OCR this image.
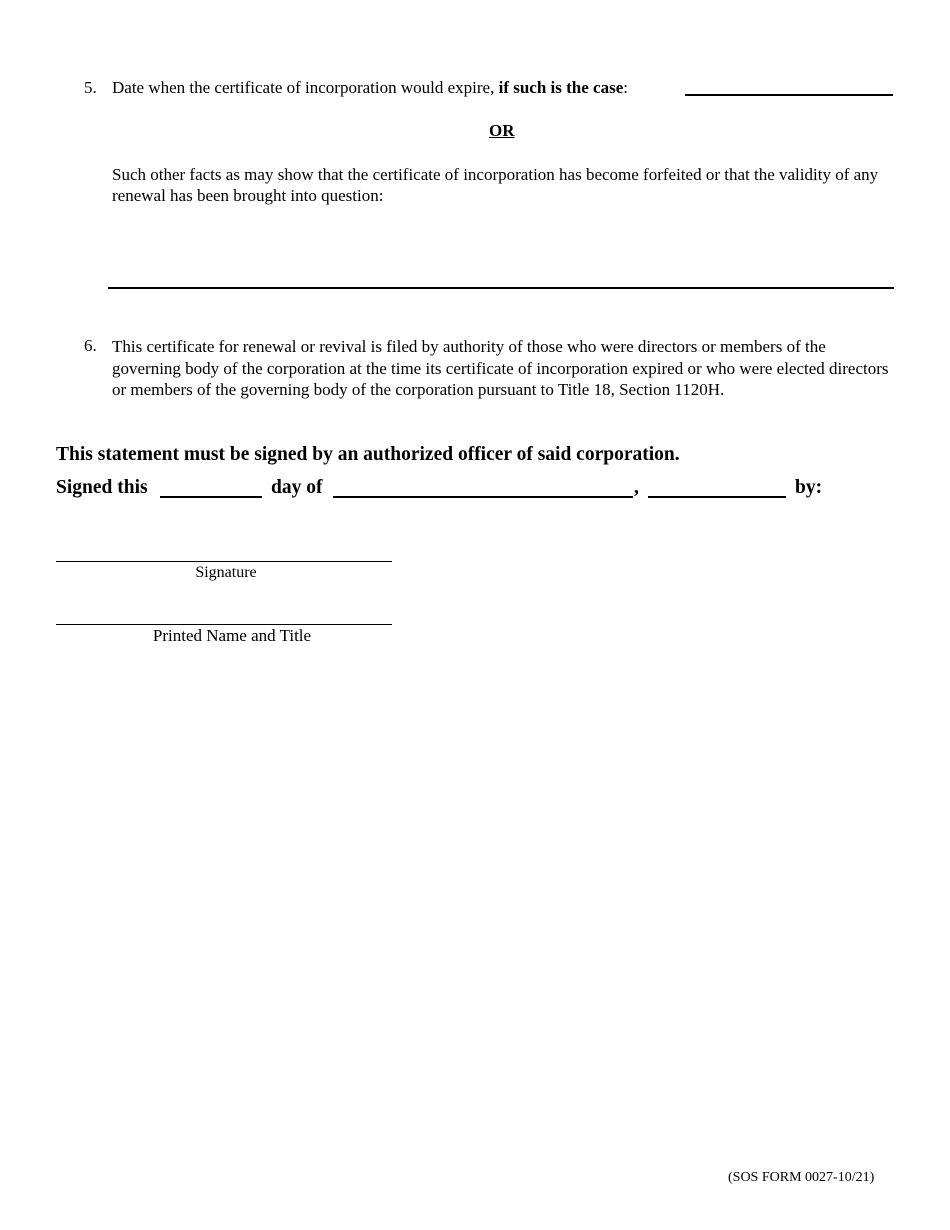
5. Date when the certificate of incorporation would expire, if such is the case:
OR
Such other facts as may show that the certificate of incorporation has become forfeited or that the validity of any renewal has been brought into question:
6. This certificate for renewal or revival is filed by authority of those who were directors or members of the governing body of the corporation at the time its certificate of incorporation expired or who were elected directors or members of the governing body of the corporation pursuant to Title 18, Section 1120H.
This statement must be signed by an authorized officer of said corporation.
Signed this	day of	,	by:
Signature
Printed Name and Title
(SOS FORM 0027-10/21)
